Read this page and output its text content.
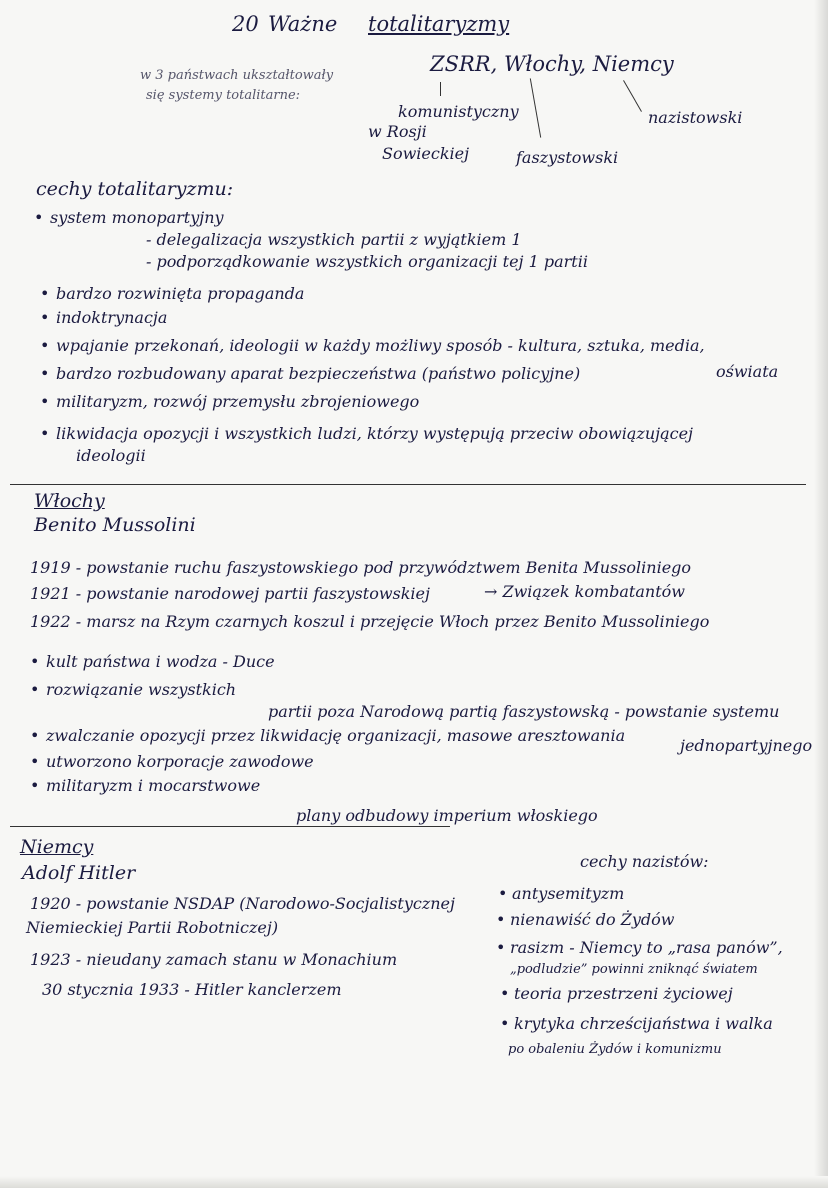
20 Ważne totalitaryzmy
w 3 państwach ukształtowały
się systemy totalitarne:
ZSRR, Włochy, Niemcy
komunistyczny
w Rosji
Sowieckiej	faszystowski
nazistowski
cechy totalitaryzmu:
• system monopartyjny
- delegalizacja wszystkich partii z wyjątkiem 1
- podporządkowanie wszystkich organizacji tej 1 partii
• bardzo rozwinięta propaganda
• indoktrynacja
• wpajanie przekonań, ideologii w każdy możliwy sposób - kultura, sztuka, media,
oświata
• bardzo rozbudowany aparat bezpieczeństwa (państwo policyjne)
• militaryzm, rozwój przemysłu zbrojeniowego
• likwidacja opozycji i wszystkich ludzi, którzy występują przeciw obowiązującej
ideologii
Włochy
Benito Mussolini
1919 - powstanie ruchu faszystowskiego pod przywództwem Benita Mussoliniego
1921 - powstanie narodowej partii faszystowskiej	→ Związek kombatantów
1922 - marsz na Rzym czarnych koszul i przejęcie Włoch przez Benito Mussoliniego
• kult państwa i wodza - Duce
• rozwiązanie wszystkich
partii poza Narodową partią faszystowską - powstanie systemu
jednopartyjnego
• zwalczanie opozycji przez likwidację organizacji, masowe aresztowania
• utworzono korporacje zawodowe
• militaryzm i mocarstwowe
plany odbudowy imperium włoskiego
Niemcy
Adolf Hitler
cechy nazistów:
1920 - powstanie NSDAP (Narodowo-Socjalistycznej
Niemieckiej Partii Robotniczej)
1923 - nieudany zamach stanu w Monachium
30 stycznia 1933 - Hitler kanclerzem
• antysemityzm
• nienawiść do Żydów
• rasizm - Niemcy to „rasa panów”,
„podludzie” powinni zniknąć światem
• teoria przestrzeni życiowej
• krytyka chrześcijaństwa i walka
po obaleniu Żydów i komunizmu
